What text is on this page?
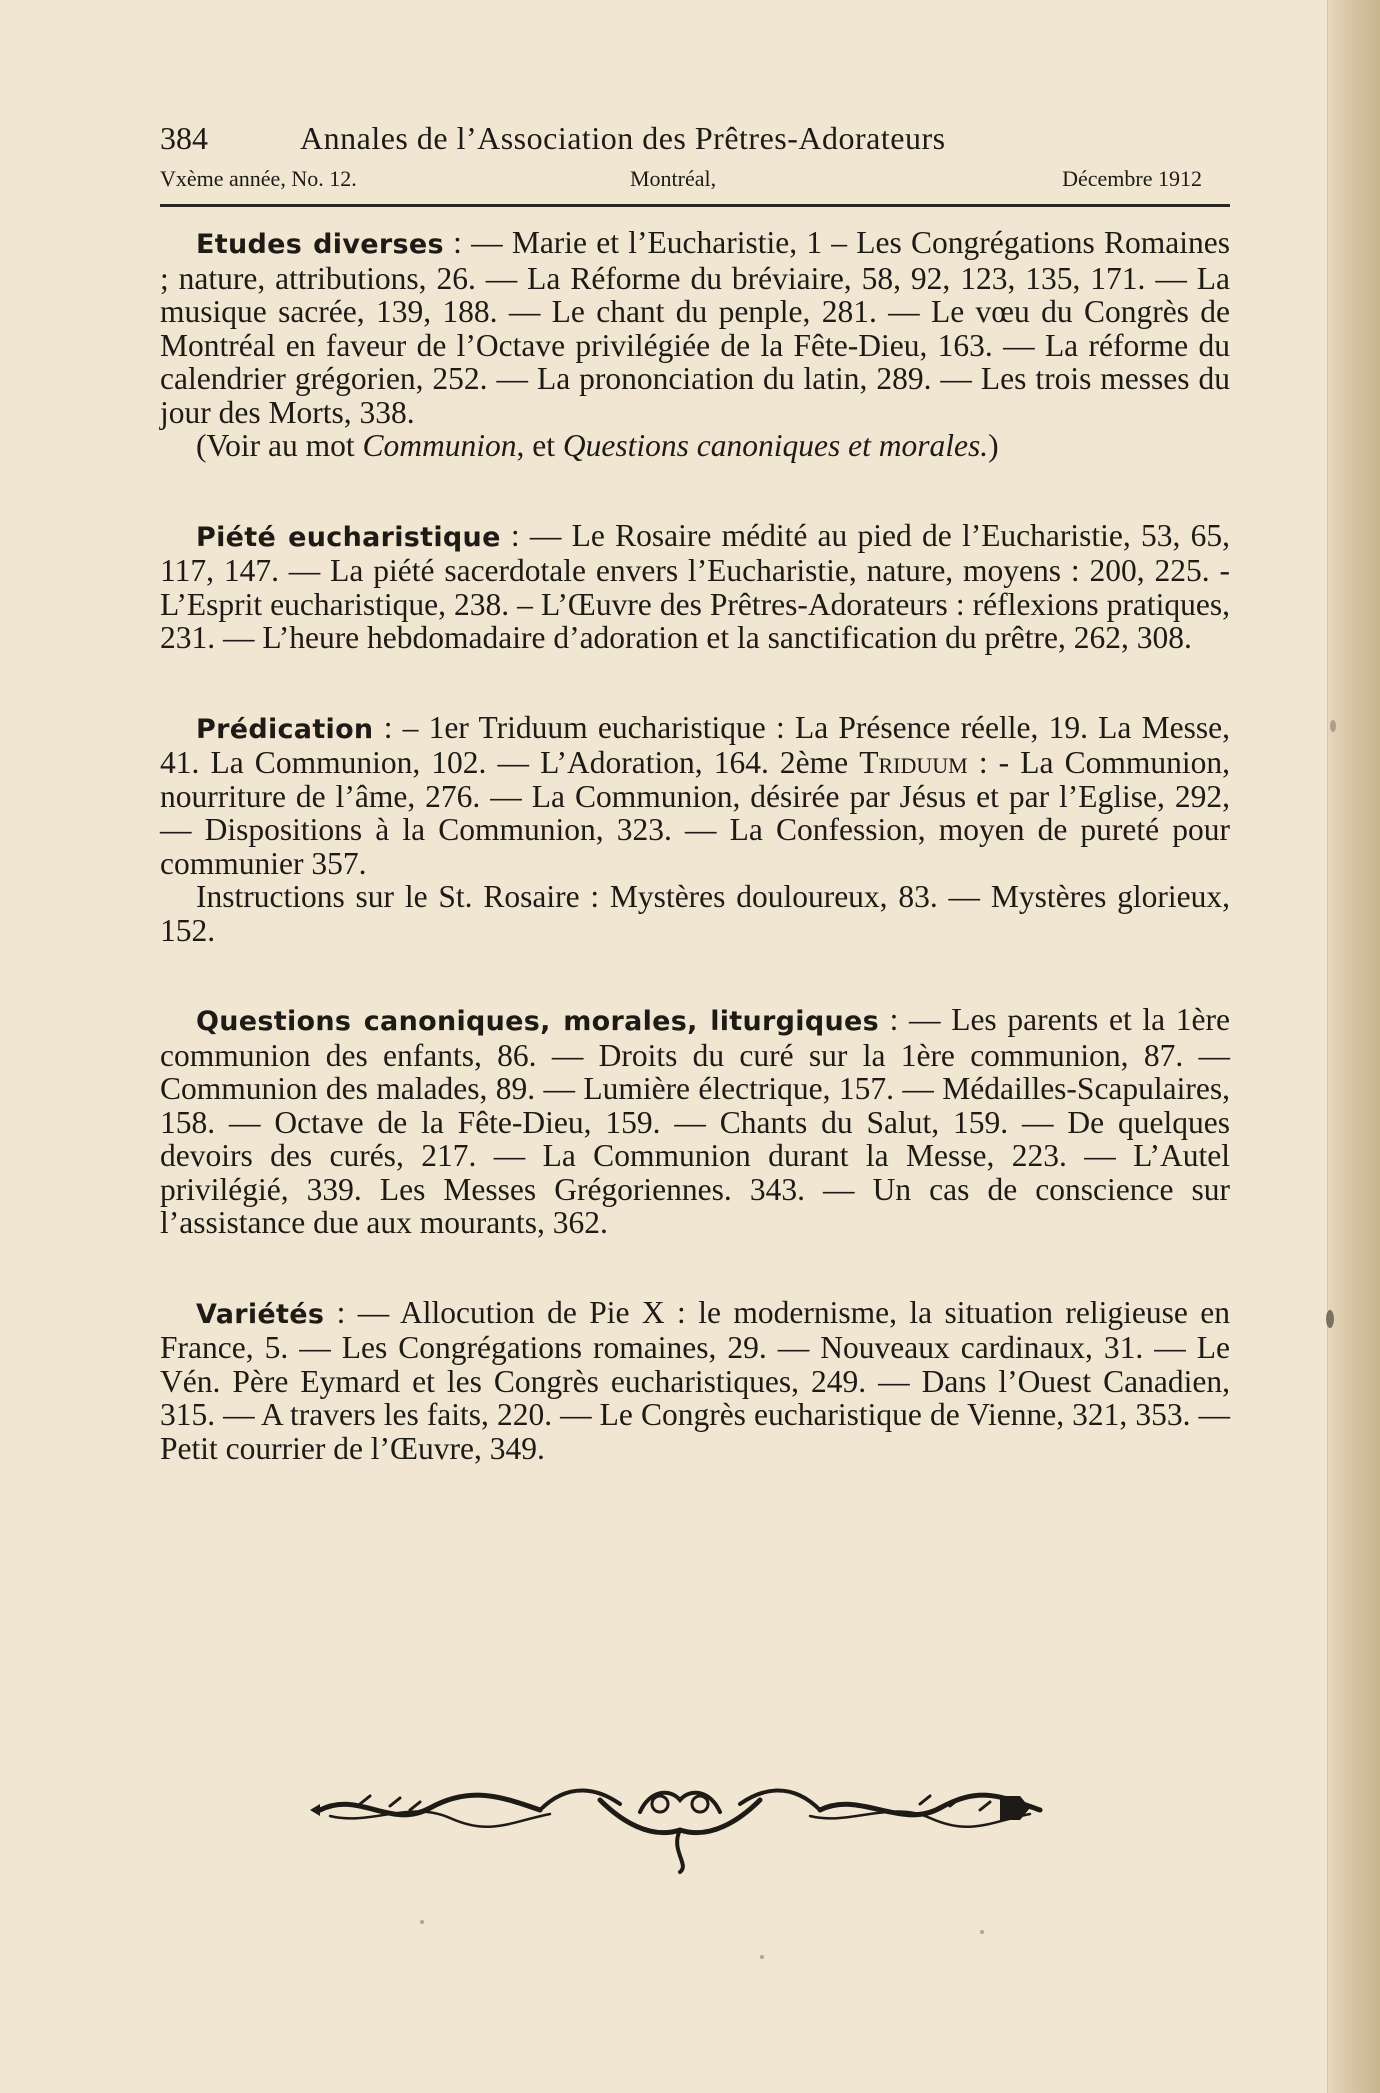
384	Annales de l’Association des Prêtres-Adorateurs
Vxème année, No. 12.	Montréal,	Décembre 1912

Etudes diverses : — Marie et l’Eucharistie, 1 – Les Congrégations Romaines ; nature, attributions, 26. — La Réforme du bréviaire, 58, 92, 123, 135, 171. — La musique sacrée, 139, 188. — Le chant du penple, 281. — Le vœu du Congrès de Montréal en faveur de l’Octave privilégiée de la Fête-Dieu, 163. — La réforme du calendrier grégorien, 252. — La prononciation du latin, 289. — Les trois messes du jour des Morts, 338.

(Voir au mot Communion, et Questions canoniques et morales.)

Piété eucharistique : — Le Rosaire médité au pied de l’Eucharistie, 53, 65, 117, 147. — La piété sacerdotale envers l’Eucharistie, nature, moyens : 200, 225. - L’Esprit eucharistique, 238. – L’Œuvre des Prêtres-Adorateurs : réflexions pratiques, 231. — L’heure hebdomadaire d’adoration et la sanctification du prêtre, 262, 308.

Prédication : – 1er Triduum eucharistique : La Présence réelle, 19. La Messe, 41. La Communion, 102. — L’Adoration, 164. 2ème Triduum : - La Communion, nourriture de l’âme, 276. — La Communion, désirée par Jésus et par l’Eglise, 292, — Dispositions à la Communion, 323. — La Confession, moyen de pureté pour communier 357.

Instructions sur le St. Rosaire : Mystères douloureux, 83. — Mystères glorieux, 152.

Questions canoniques, morales, liturgiques : — Les parents et la 1ère communion des enfants, 86. — Droits du curé sur la 1ère communion, 87. — Communion des malades, 89. — Lumière électrique, 157. — Médailles-Scapulaires, 158. — Octave de la Fête-Dieu, 159. — Chants du Salut, 159. — De quelques devoirs des curés, 217. — La Communion durant la Messe, 223. — L’Autel privilégié, 339. Les Messes Grégoriennes. 343. — Un cas de conscience sur l’assistance due aux mourants, 362.

Variétés : — Allocution de Pie X : le modernisme, la situation religieuse en France, 5. — Les Congrégations romaines, 29. — Nouveaux cardinaux, 31. — Le Vén. Père Eymard et les Congrès eucharistiques, 249. — Dans l’Ouest Canadien, 315. — A travers les faits, 220. — Le Congrès eucharistique de Vienne, 321, 353. — Petit courrier de l’Œuvre, 349.
